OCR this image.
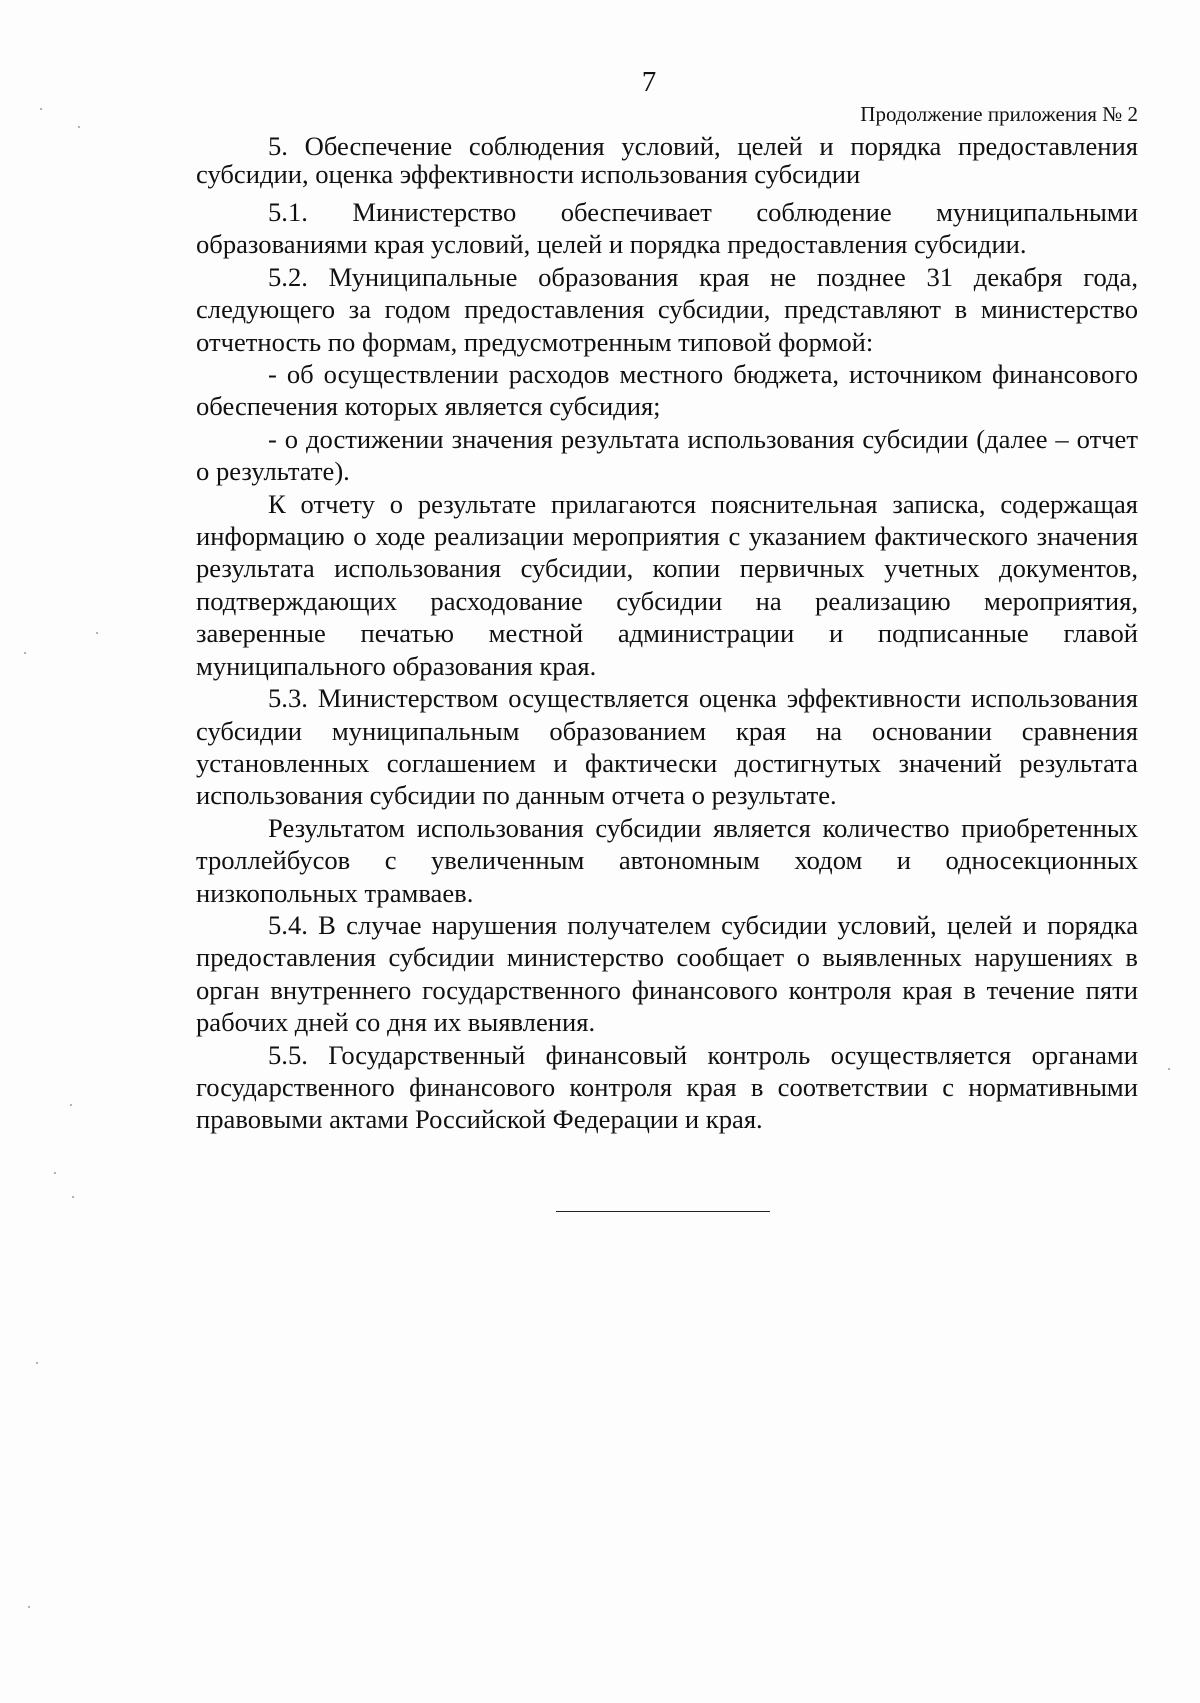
7
Продолжение приложения № 2

5. Обеспечение соблюдения условий, целей и порядка предоставления субсидии, оценка эффективности использования субсидии

5.1. Министерство обеспечивает соблюдение муниципальными образованиями края условий, целей и порядка предоставления субсидии.

5.2. Муниципальные образования края не позднее 31 декабря года, следующего за годом предоставления субсидии, представляют в министерство отчетность по формам, предусмотренным типовой формой:

- об осуществлении расходов местного бюджета, источником финансового обеспечения которых является субсидия;

- о достижении значения результата использования субсидии (далее – отчет о результате).

К отчету о результате прилагаются пояснительная записка, содержащая информацию о ходе реализации мероприятия с указанием фактического значения результата использования субсидии, копии первичных учетных документов, подтверждающих расходование субсидии на реализацию мероприятия, заверенные печатью местной администрации и подписанные главой муниципального образования края.

5.3. Министерством осуществляется оценка эффективности использования субсидии муниципальным образованием края на основании сравнения установленных соглашением и фактически достигнутых значений результата использования субсидии по данным отчета о результате.

Результатом использования субсидии является количество приобретенных троллейбусов с увеличенным автономным ходом и односекционных низкопольных трамваев.

5.4. В случае нарушения получателем субсидии условий, целей и порядка предоставления субсидии министерство сообщает о выявленных нарушениях в орган внутреннего государственного финансового контроля края в течение пяти рабочих дней со дня их выявления.

5.5. Государственный финансовый контроль осуществляется органами государственного финансового контроля края в соответствии с нормативными правовыми актами Российской Федерации и края.
